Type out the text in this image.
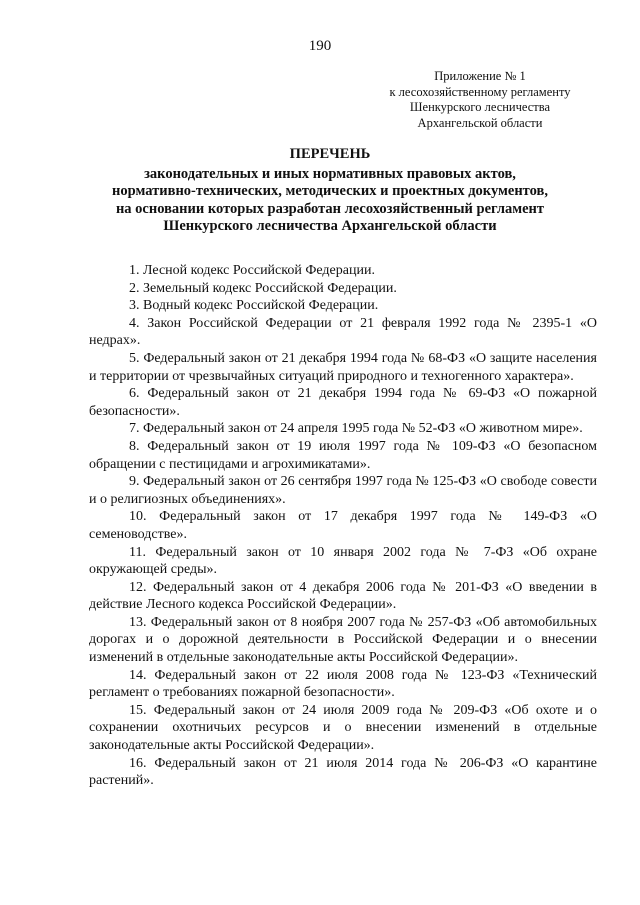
190
Приложение № 1
к лесохозяйственному регламенту
Шенкурского лесничества
Архангельской области
ПЕРЕЧЕНЬ
законодательных и иных нормативных правовых актов,
нормативно-технических, методических и проектных документов,
на основании которых разработан лесохозяйственный регламент
Шенкурского лесничества Архангельской области
1. Лесной кодекс Российской Федерации.
2. Земельный кодекс Российской Федерации.
3. Водный кодекс Российской Федерации.
4. Закон Российской Федерации от 21 февраля 1992 года № 2395-1 «О недрах».
5. Федеральный закон от 21 декабря 1994 года № 68-ФЗ «О защите населения и территории от чрезвычайных ситуаций природного и техногенного характера».
6. Федеральный закон от 21 декабря 1994 года № 69-ФЗ «О пожарной безопасности».
7. Федеральный закон от 24 апреля 1995 года № 52-ФЗ «О животном мире».
8. Федеральный закон от 19 июля 1997 года № 109-ФЗ «О безопасном обращении с пестицидами и агрохимикатами».
9. Федеральный закон от 26 сентября 1997 года № 125-ФЗ «О свободе совести и о религиозных объединениях».
10. Федеральный закон от 17 декабря 1997 года № 149-ФЗ «О семеноводстве».
11. Федеральный закон от 10 января 2002 года № 7-ФЗ «Об охране окружающей среды».
12. Федеральный закон от 4 декабря 2006 года № 201-ФЗ «О введении в действие Лесного кодекса Российской Федерации».
13. Федеральный закон от 8 ноября 2007 года № 257-ФЗ «Об автомобильных дорогах и о дорожной деятельности в Российской Федерации и о внесении изменений в отдельные законодательные акты Российской Федерации».
14. Федеральный закон от 22 июля 2008 года № 123-ФЗ «Технический регламент о требованиях пожарной безопасности».
15. Федеральный закон от 24 июля 2009 года № 209-ФЗ «Об охоте и о сохранении охотничьих ресурсов и о внесении изменений в отдельные законодательные акты Российской Федерации».
16. Федеральный закон от 21 июля 2014 года № 206-ФЗ «О карантине растений».
